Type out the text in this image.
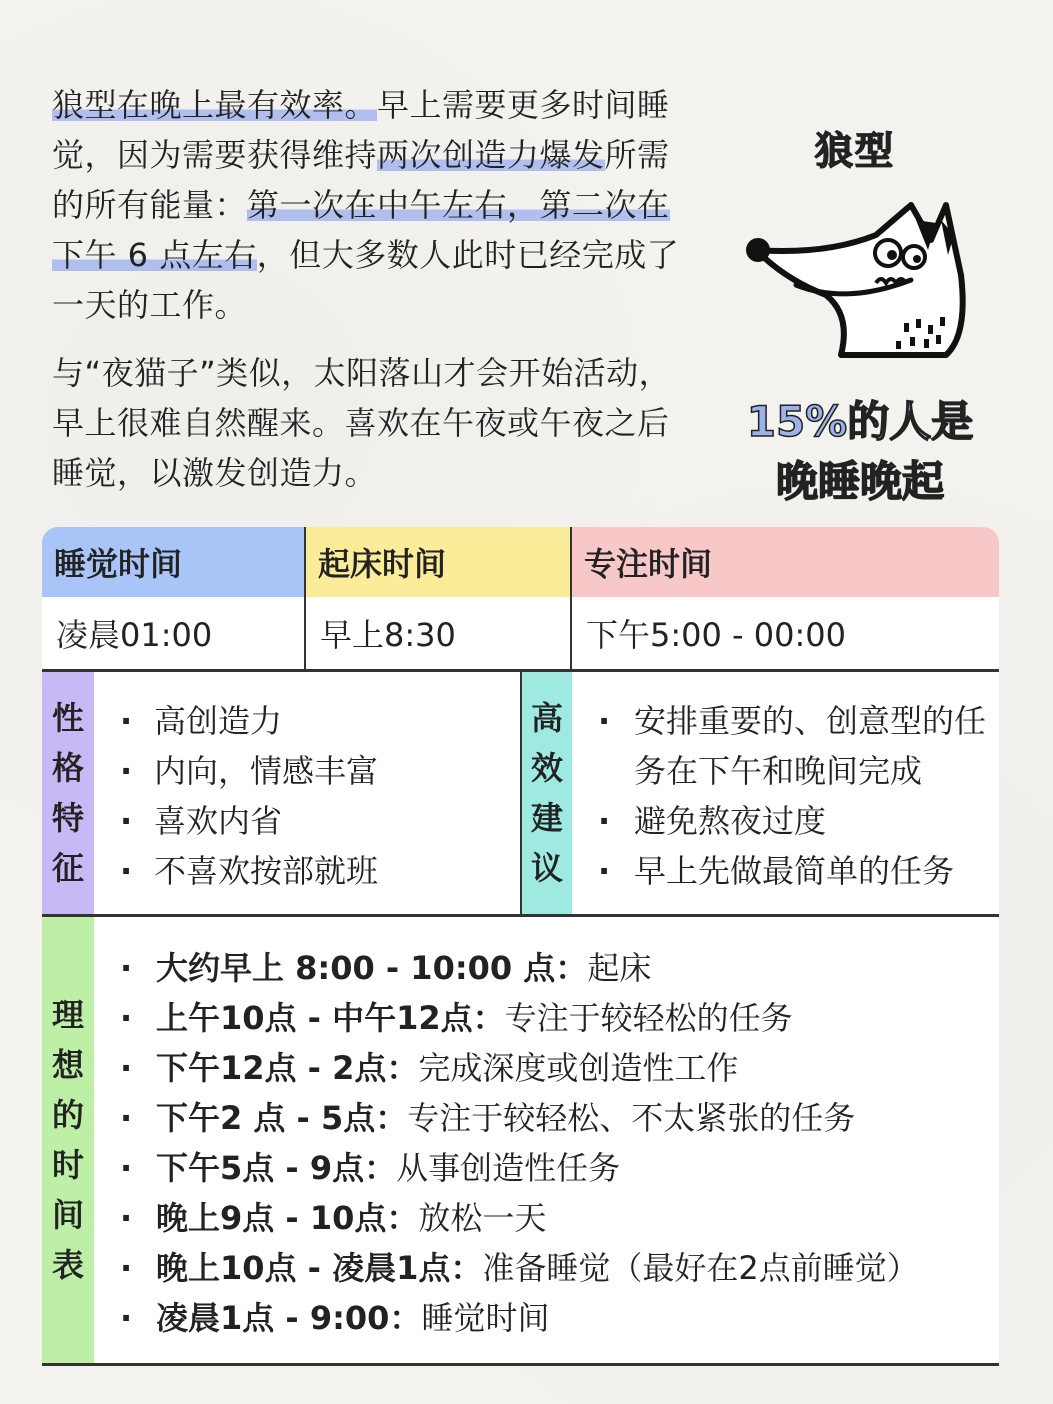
狼型在晚上最有效率。早上需要更多时间睡觉，因为需要获得维持两次创造力爆发所需的所有能量：第一次在中午左右，第二次在下午 6 点左右，但大多数人此时已经完成了一天的工作。

与“夜猫子”类似，太阳落山才会开始活动，早上很难自然醒来。喜欢在午夜或午夜之后睡觉，以激发创造力。

狼型
15%的人是
晚睡晚起
睡觉时间	起床时间	专注时间
凌晨01:00	早上8:30	下午5:00 - 00:00
性
格
特
征
· 高创造力
· 内向，情感丰富
· 喜欢内省
· 不喜欢按部就班
高
效
建
议
· 安排重要的、创意型的任务在下午和晚间完成
· 避免熬夜过度
· 早上先做最简单的任务
理
想
的
时
间
表
· 大约早上 8:00 - 10:00 点：起床
· 上午10点 - 中午12点：专注于较轻松的任务
· 下午12点 - 2点：完成深度或创造性工作
· 下午2 点 - 5点：专注于较轻松、不太紧张的任务
· 下午5点 - 9点：从事创造性任务
· 晚上9点 - 10点：放松一天
· 晚上10点 - 凌晨1点：准备睡觉（最好在2点前睡觉）
· 凌晨1点 - 9:00：睡觉时间
